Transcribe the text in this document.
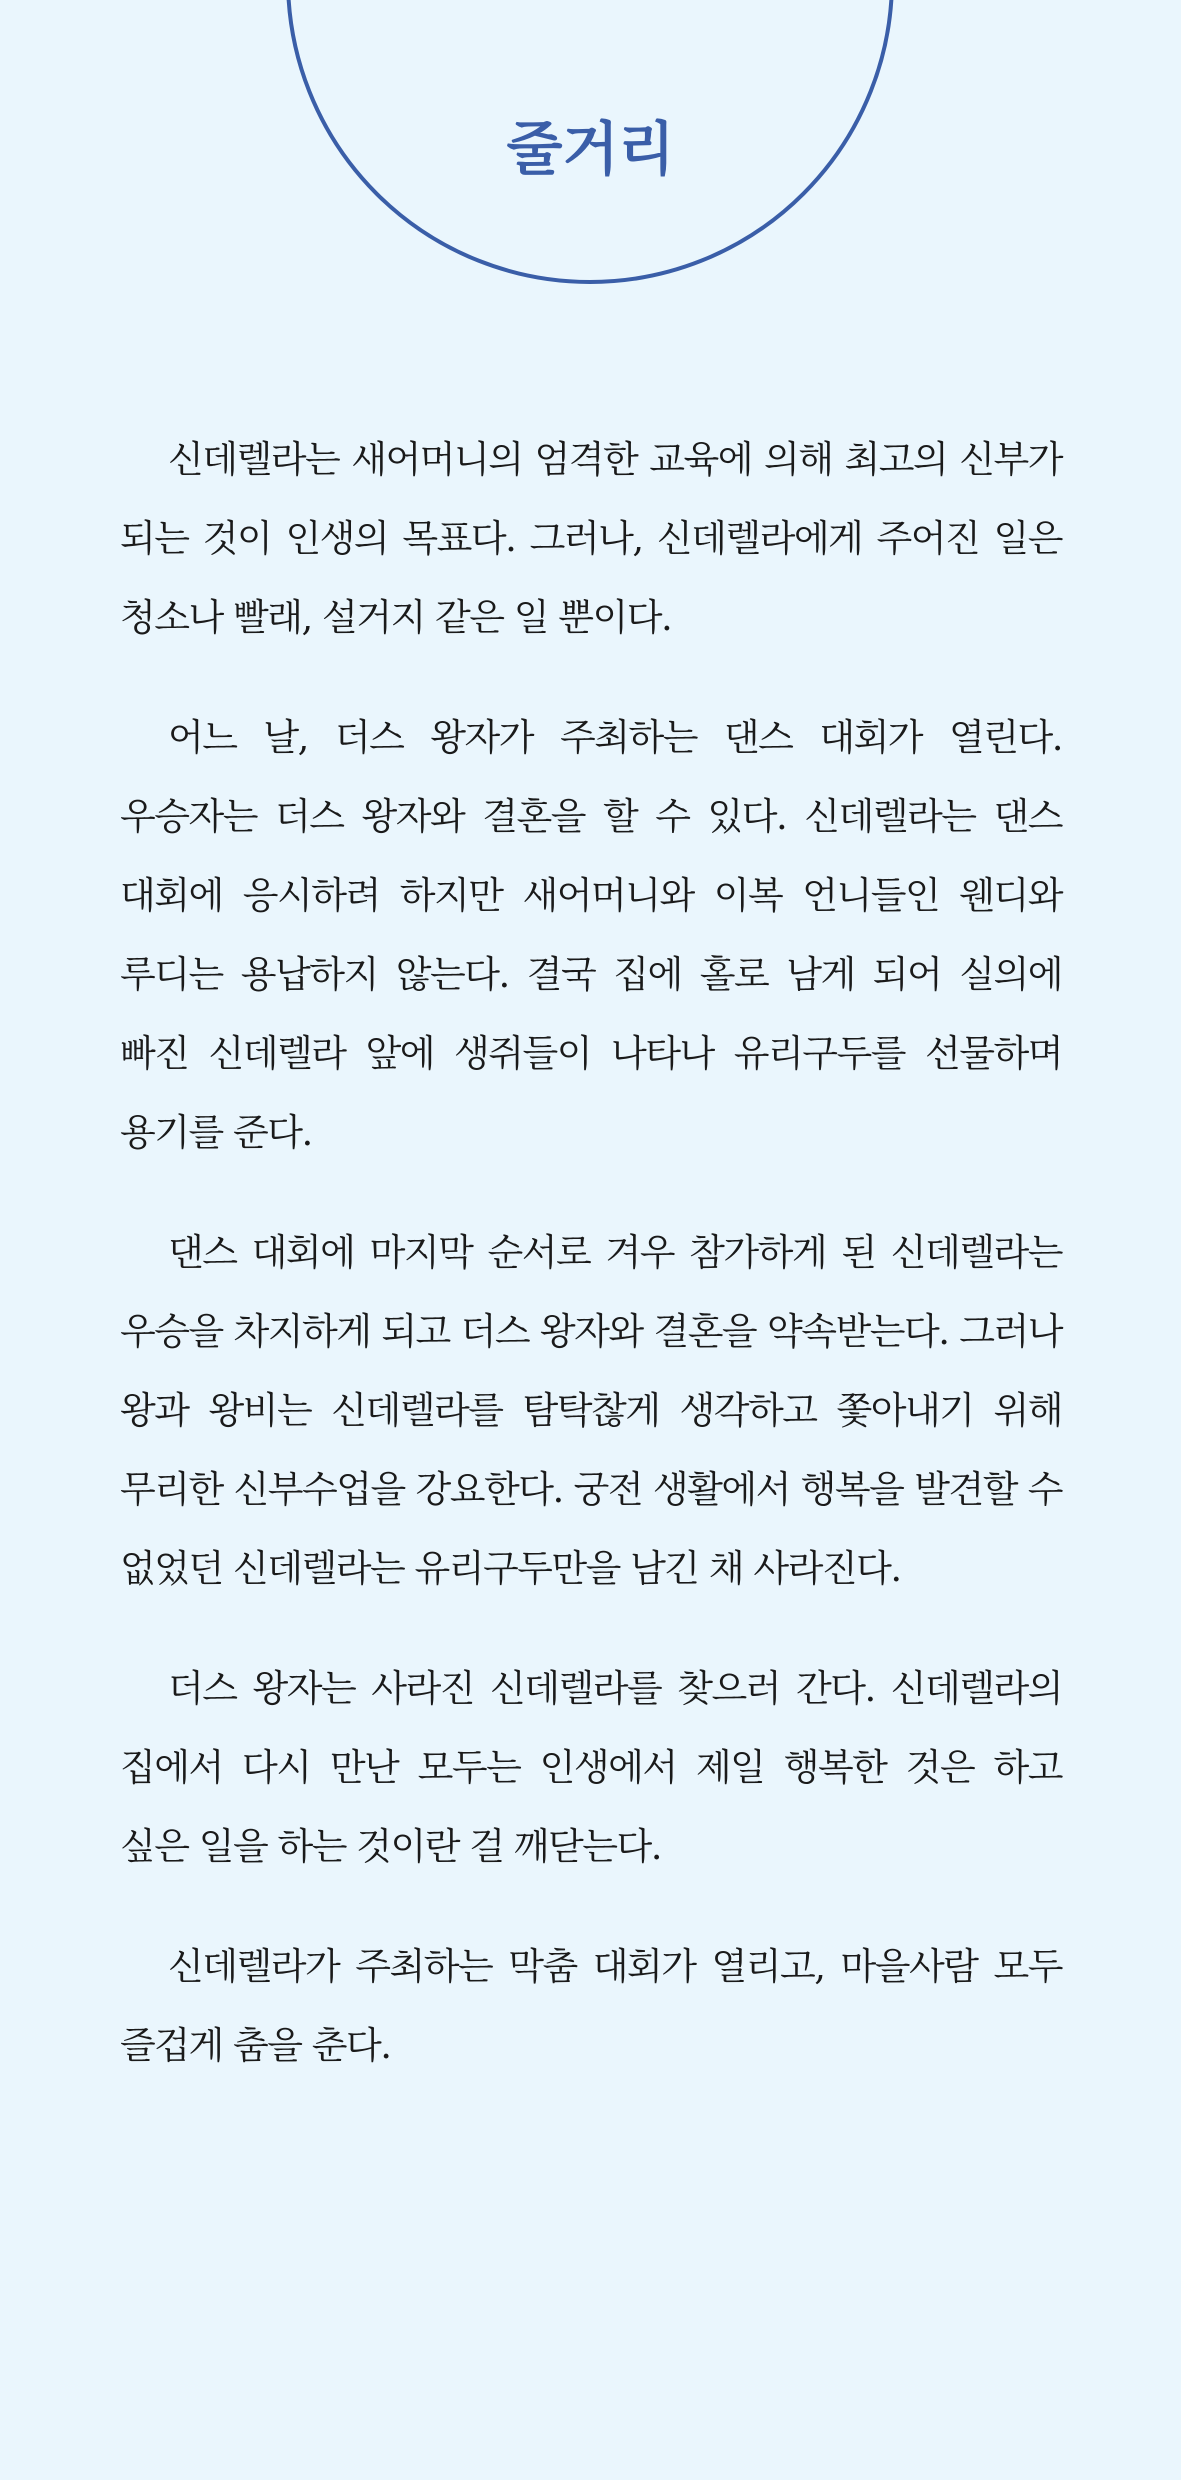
줄거리

신데렐라는 새어머니의 엄격한 교육에 의해 최고의 신부가 되는 것이 인생의 목표다. 그러나, 신데렐라에게 주어진 일은 청소나 빨래, 설거지 같은 일 뿐이다.

어느 날, 더스 왕자가 주최하는 댄스 대회가 열린다. 우승자는 더스 왕자와 결혼을 할 수 있다. 신데렐라는 댄스 대회에 응시하려 하지만 새어머니와 이복 언니들인 웬디와 루디는 용납하지 않는다. 결국 집에 홀로 남게 되어 실의에 빠진 신데렐라 앞에 생쥐들이 나타나 유리구두를 선물하며 용기를 준다.

댄스 대회에 마지막 순서로 겨우 참가하게 된 신데렐라는 우승을 차지하게 되고 더스 왕자와 결혼을 약속받는다. 그러나 왕과 왕비는 신데렐라를 탐탁찮게 생각하고 쫓아내기 위해 무리한 신부수업을 강요한다. 궁전 생활에서 행복을 발견할 수 없었던 신데렐라는 유리구두만을 남긴 채 사라진다.

더스 왕자는 사라진 신데렐라를 찾으러 간다. 신데렐라의 집에서 다시 만난 모두는 인생에서 제일 행복한 것은 하고 싶은 일을 하는 것이란 걸 깨닫는다.

신데렐라가 주최하는 막춤 대회가 열리고, 마을사람 모두 즐겁게 춤을 춘다.
